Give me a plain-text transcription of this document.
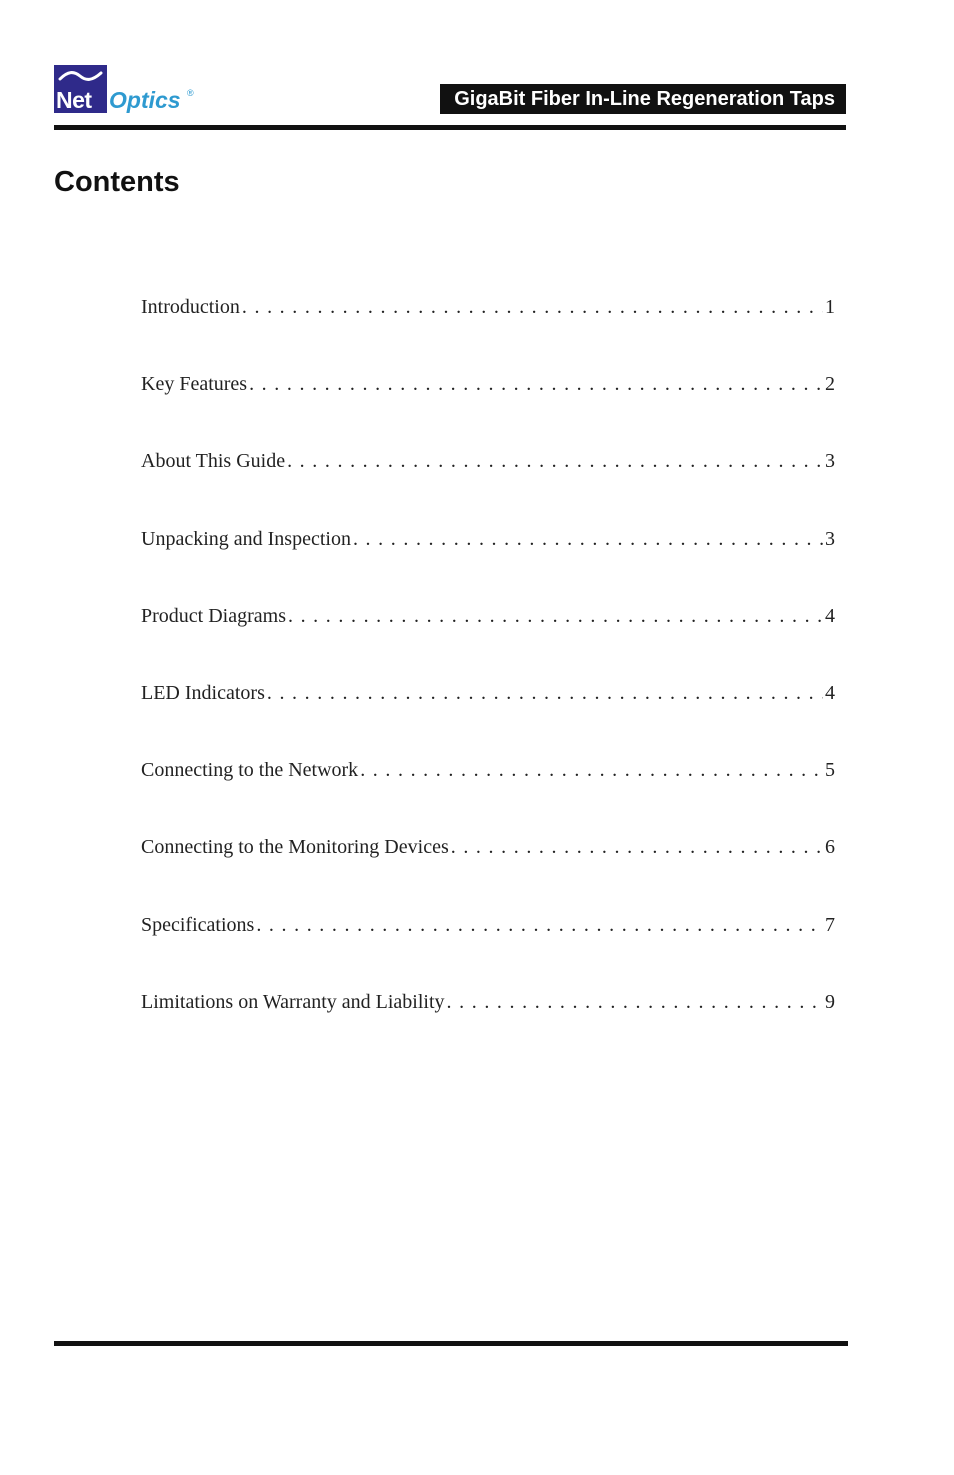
Net Optics ®	GigaBit Fiber In-Line Regeneration Taps
Contents
Introduction . . .	1
Key Features . . .	2
About This Guide . . .	3
Unpacking and Inspection . . .	3
Product Diagrams . . .	4
LED Indicators . . .	4
Connecting to the Network . . .	5
Connecting to the Monitoring Devices . . .	6
Specifications . . .	7
Limitations on Warranty and Liability . . .	9
